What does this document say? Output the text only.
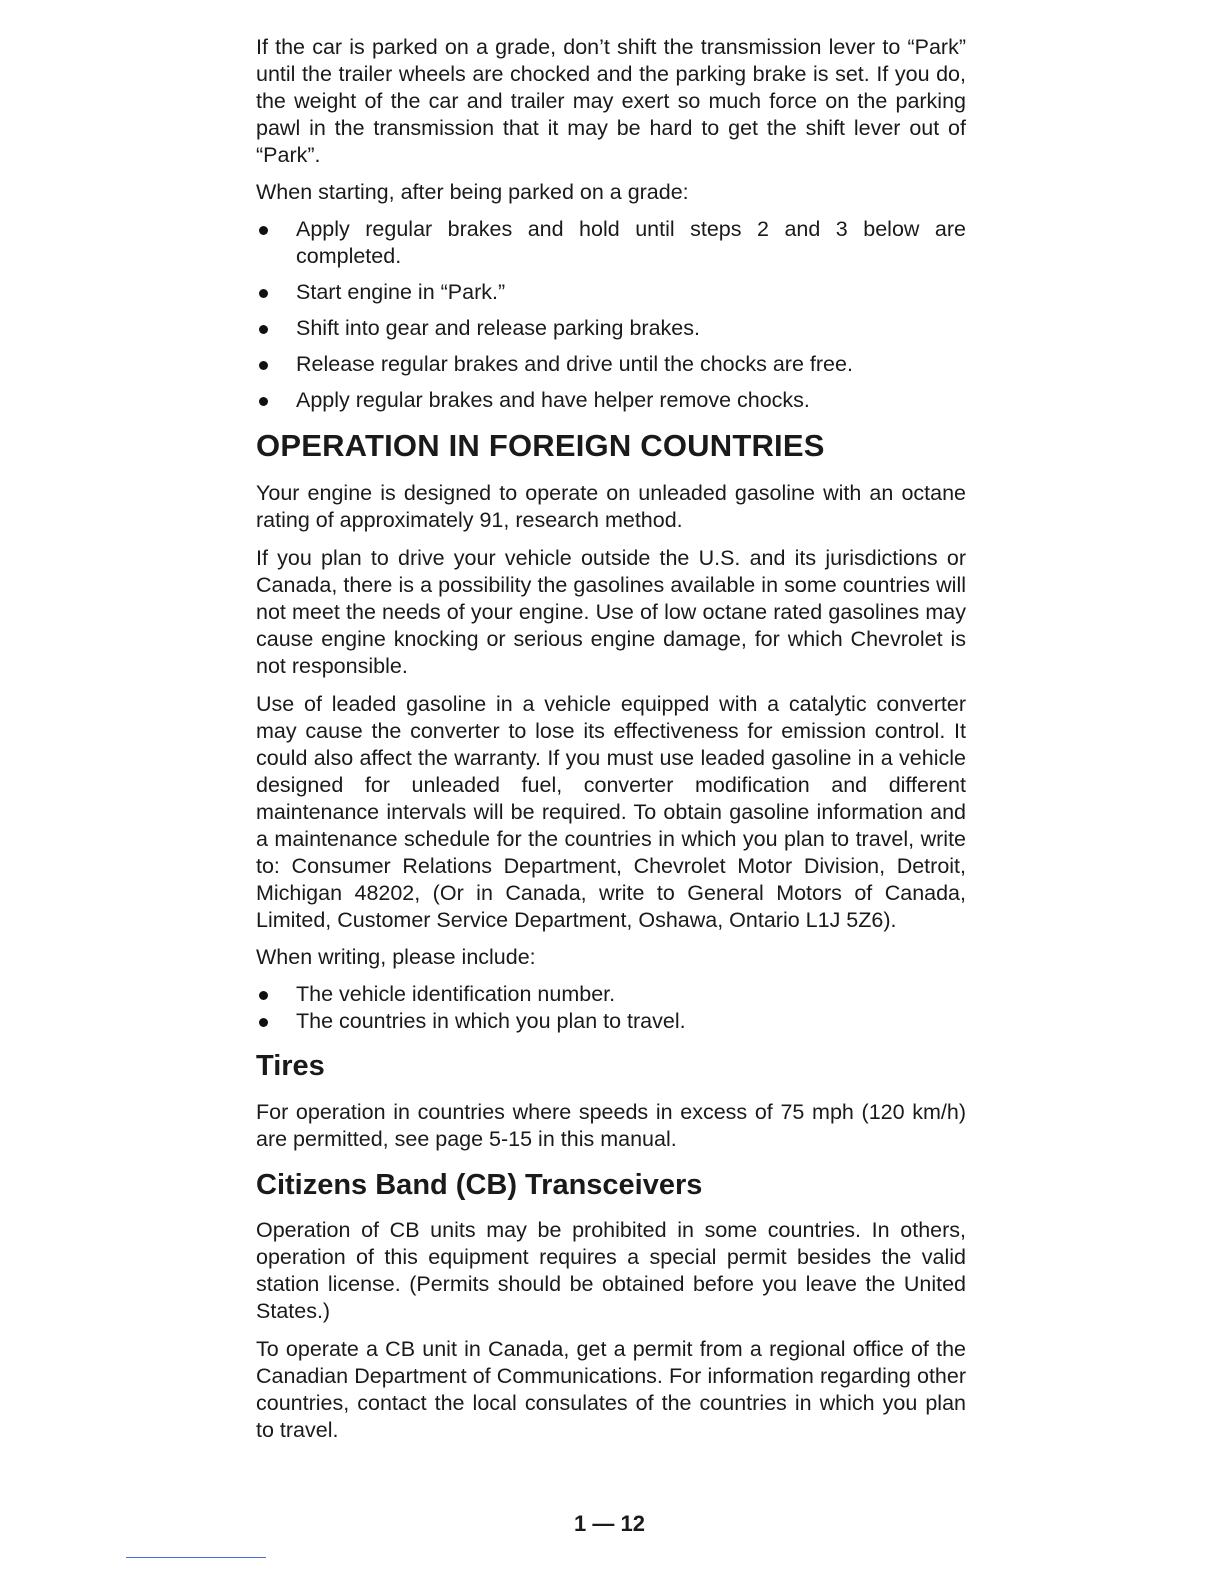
If the car is parked on a grade, don’t shift the transmission lever to “Park” until the trailer wheels are chocked and the parking brake is set. If you do, the weight of the car and trailer may exert so much force on the parking pawl in the transmission that it may be hard to get the shift lever out of “Park”.

When starting, after being parked on a grade:

Apply regular brakes and hold until steps 2 and 3 below are completed.
Start engine in “Park.”
Shift into gear and release parking brakes.
Release regular brakes and drive until the chocks are free.
Apply regular brakes and have helper remove chocks.
OPERATION IN FOREIGN COUNTRIES

Your engine is designed to operate on unleaded gasoline with an octane rating of approximately 91, research method.

If you plan to drive your vehicle outside the U.S. and its jurisdictions or Canada, there is a possibility the gasolines available in some countries will not meet the needs of your engine. Use of low octane rated gasolines may cause engine knocking or serious engine damage, for which Chevrolet is not responsible.

Use of leaded gasoline in a vehicle equipped with a catalytic converter may cause the converter to lose its effectiveness for emission control. It could also affect the warranty. If you must use leaded gasoline in a vehicle designed for unleaded fuel, converter modification and different maintenance intervals will be required. To obtain gasoline information and a maintenance schedule for the countries in which you plan to travel, write to: Consumer Relations Department, Chevrolet Motor Division, Detroit, Michigan 48202, (Or in Canada, write to General Motors of Canada, Limited, Customer Service Department, Oshawa, Ontario L1J 5Z6).

When writing, please include:

The vehicle identification number.
The countries in which you plan to travel.
Tires

For operation in countries where speeds in excess of 75 mph (120 km/h) are permitted, see page 5-15 in this manual.

Citizens Band (CB) Transceivers

Operation of CB units may be prohibited in some countries. In others, operation of this equipment requires a special permit besides the valid station license. (Permits should be obtained before you leave the United States.)

To operate a CB unit in Canada, get a permit from a regional office of the Canadian Department of Communications. For information regarding other countries, contact the local consulates of the countries in which you plan to travel.

1 — 12
